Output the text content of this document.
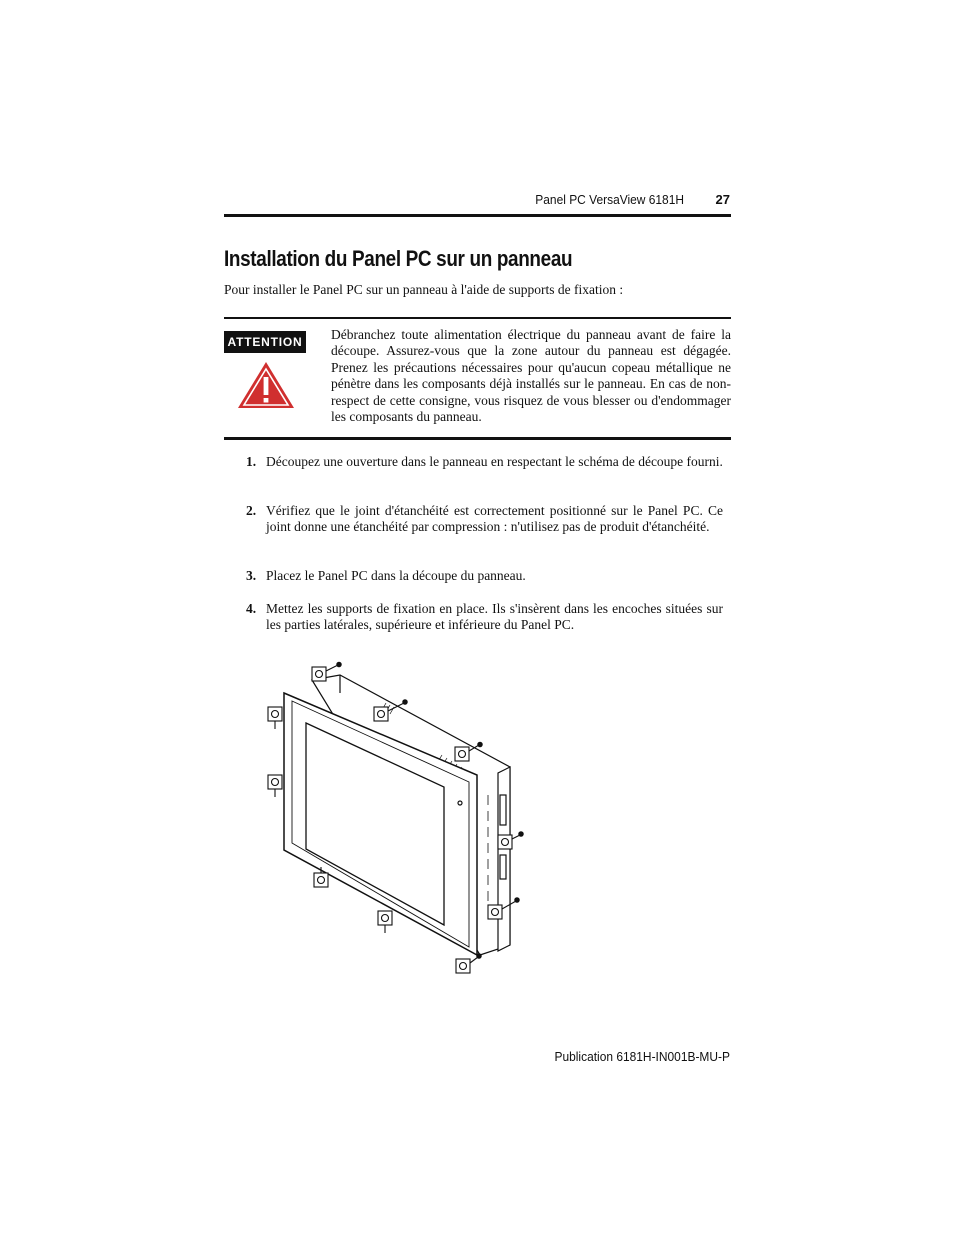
Panel PC VersaView 6181H	27
Installation du Panel PC sur un panneau

Pour installer le Panel PC sur un panneau à l'aide de supports de fixation :

ATTENTION Débranchez toute alimentation électrique du panneau avant de faire la découpe. Assurez-vous que la zone autour du panneau est dégagée. Prenez les précautions nécessaires pour qu'aucun copeau métallique ne pénètre dans les composants déjà installés sur le panneau. En cas de non-respect de cette consigne, vous risquez de vous blesser ou d'endommager les composants du panneau.

1. Découpez une ouverture dans le panneau en respectant le schéma de découpe fourni.
2. Vérifiez que le joint d'étanchéité est correctement positionné sur le Panel PC. Ce joint donne une étanchéité par compression : n'utilisez pas de produit d'étanchéité.
3. Placez le Panel PC dans la découpe du panneau.
4. Mettez les supports de fixation en place. Ils s'insèrent dans les encoches situées sur les parties latérales, supérieure et inférieure du Panel PC.
Publication 6181H-IN001B-MU-P
